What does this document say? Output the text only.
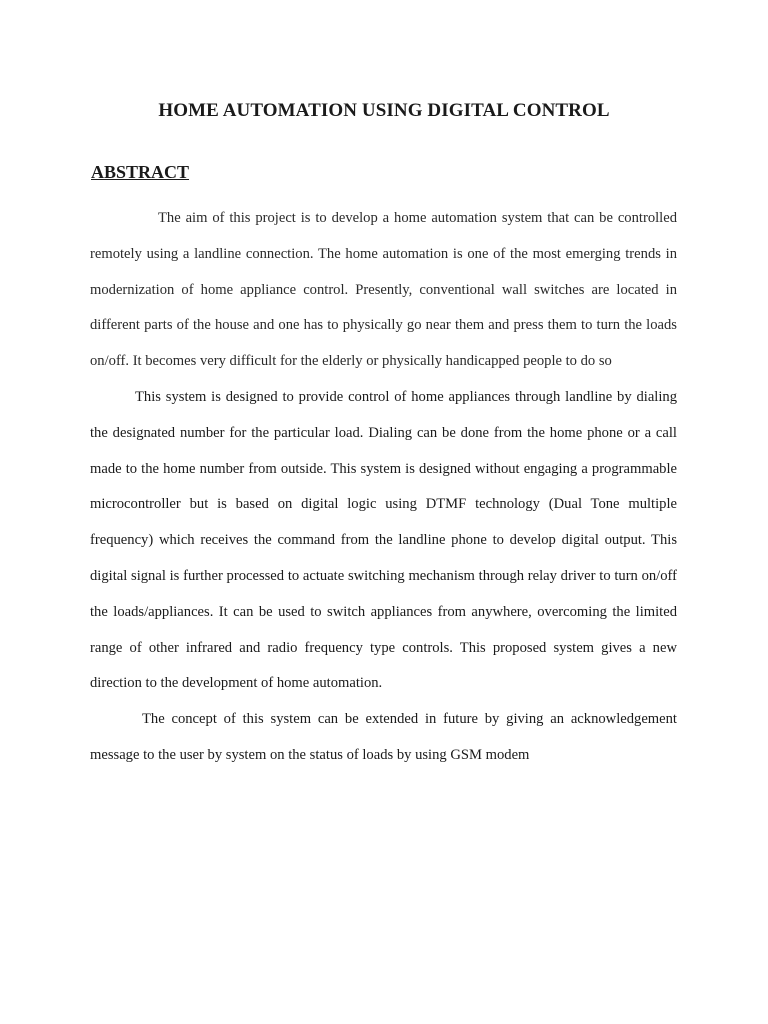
HOME AUTOMATION USING DIGITAL CONTROL
ABSTRACT

The aim of this project is to develop a home automation system that can be controlled remotely using a landline connection. The home automation is one of the most emerging trends in modernization of home appliance control. Presently, conventional wall switches are located in different parts of the house and one has to physically go near them and press them to turn the loads on/off. It becomes very difficult for the elderly or physically handicapped people to do so

This system is designed to provide control of home appliances through landline by dialing the designated number for the particular load. Dialing can be done from the home phone or a call made to the home number from outside. This system is designed without engaging a programmable microcontroller but is based on digital logic using DTMF technology (Dual Tone multiple frequency) which receives the command from the landline phone to develop digital output. This digital signal is further processed to actuate switching mechanism through relay driver to turn on/off the loads/appliances. It can be used to switch appliances from anywhere, overcoming the limited range of other infrared and radio frequency type controls. This proposed system gives a new direction to the development of home automation.

The concept of this system can be extended in future by giving an acknowledgement message to the user by system on the status of loads by using GSM modem
